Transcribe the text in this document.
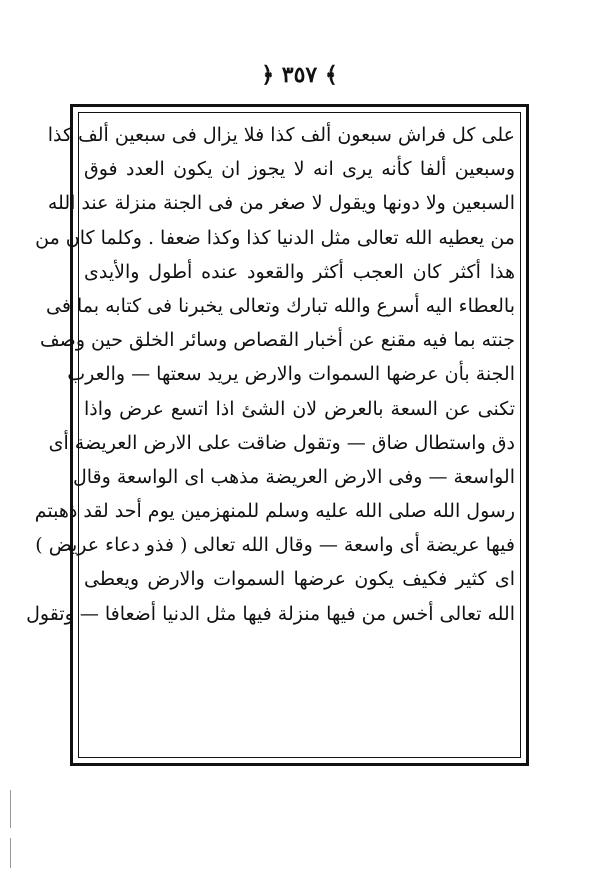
﴿ ٣٥٧ ﴾
على كل فراش سبعون ألف كذا فلا يزال فى سبعين ألف كذا
وسبعين ألفا كأنه يرى انه لا يجوز ان يكون العدد فوق
السبعين ولا دونها ويقول لا صغر من فى الجنة منزلة عند الله
من يعطيه الله تعالى مثل الدنيا كذا وكذا ضعفا . وكلما كان من
هذا أكثر كان العجب أكثر والقعود عنده أطول والأيدى
بالعطاء اليه أسرع والله تبارك وتعالى يخبرنا فى كتابه بما فى
جنته بما فيه مقنع عن أخبار القصاص وسائر الخلق حين وصف
الجنة بأن عرضها السموات والارض يريد سعتها — والعرب
تكنى عن السعة بالعرض لان الشئ اذا اتسع عرض واذا
دق واستطال ضاق — وتقول ضاقت على الارض العريضة أى
الواسعة — وفى الارض العريضة مذهب اى الواسعة وقال
رسول الله صلى الله عليه وسلم للمنهزمين يوم أحد لقد ذهبتم
فيها عريضة أى واسعة — وقال الله تعالى ( فذو دعاء عريض )
اى كثير فكيف يكون عرضها السموات والارض ويعطى
الله تعالى أخس من فيها منزلة فيها مثل الدنيا أضعافا — وتقول
